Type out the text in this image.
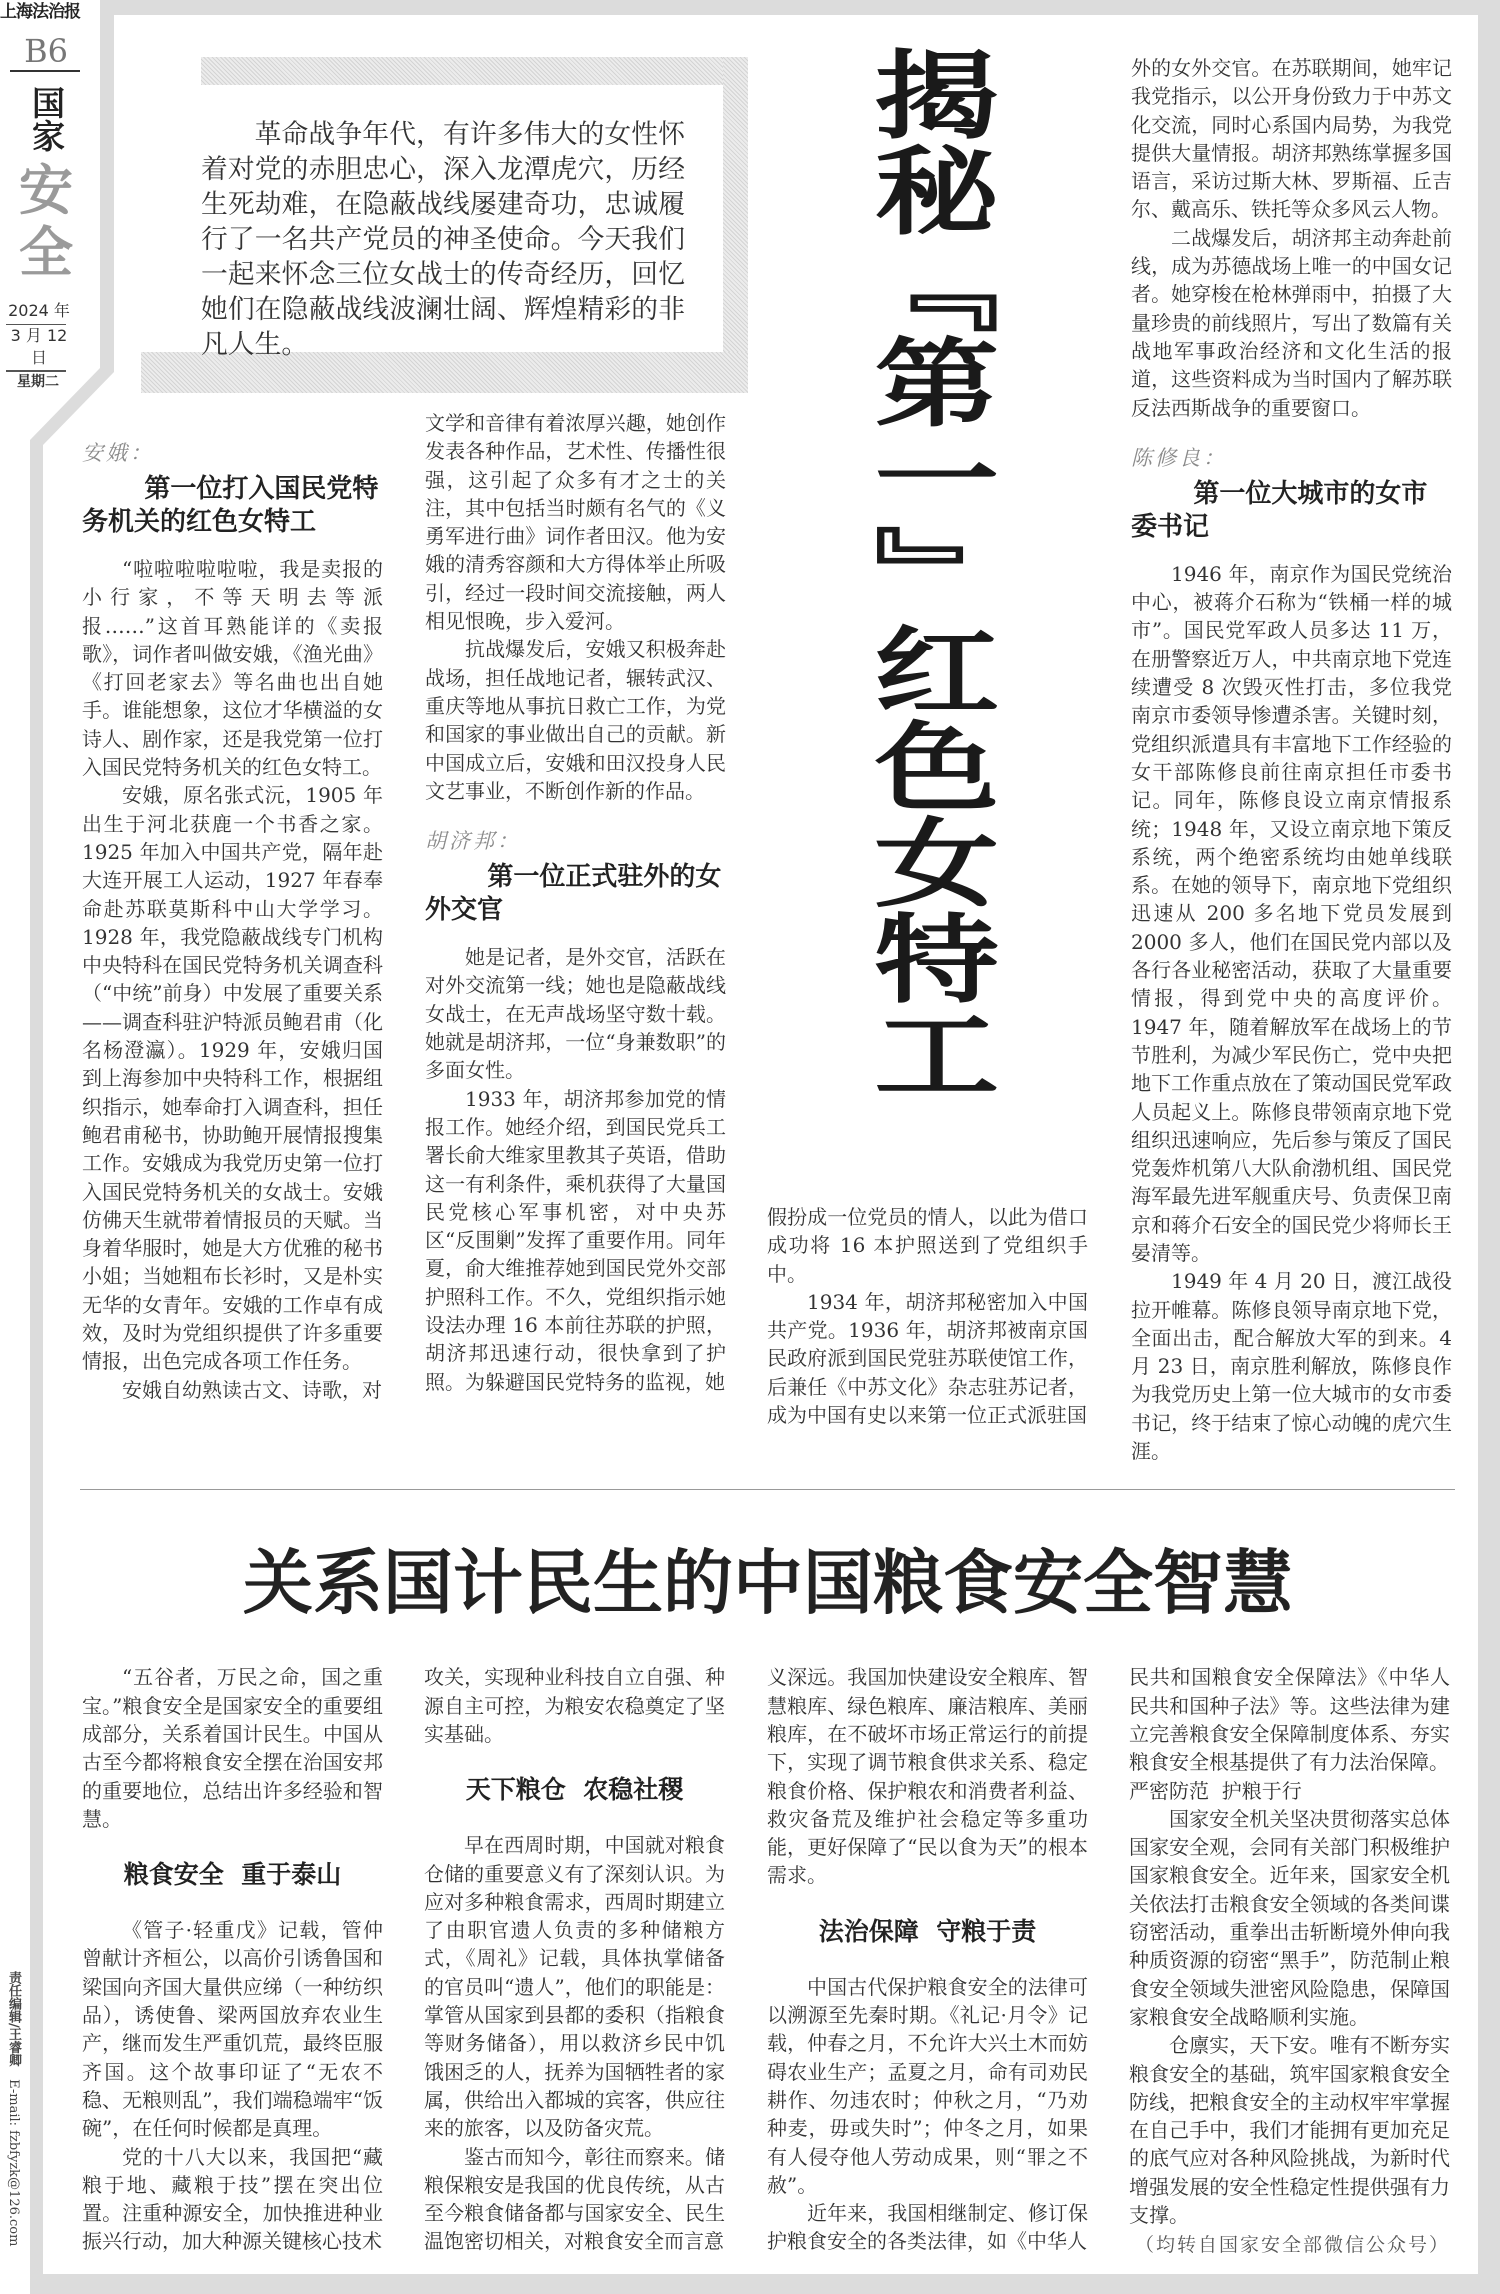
上海法治报
B6
国家
安
全
2024 年
3 月 12 日
星期二
责任编辑/王睿卿   E-mail: fzbfyzk@126.com
革命战争年代，有许多伟大的女性怀着对党的赤胆忠心，深入龙潭虎穴，历经生死劫难，在隐蔽战线屡建奇功，忠诚履行了一名共产党员的神圣使命。今天我们一起来怀念三位女战士的传奇经历，回忆她们在隐蔽战线波澜壮阔、辉煌精彩的非凡人生。	揭秘『第一』红色女特工
安娥：
第一位打入国民党特务机关的红色女特工

“啦啦啦啦啦啦，我是卖报的小行家，不等天明去等派报……”这首耳熟能详的《卖报歌》，词作者叫做安娥，《渔光曲》《打回老家去》等名曲也出自她手。谁能想象，这位才华横溢的女诗人、剧作家，还是我党第一位打入国民党特务机关的红色女特工。

安娥，原名张式沅，1905 年出生于河北获鹿一个书香之家。1925 年加入中国共产党，隔年赴大连开展工人运动，1927 年春奉命赴苏联莫斯科中山大学学习。1928 年，我党隐蔽战线专门机构中央特科在国民党特务机关调查科（“中统”前身）中发展了重要关系——调查科驻沪特派员鲍君甫（化名杨澄瀛）。1929 年，安娥归国到上海参加中央特科工作，根据组织指示，她奉命打入调查科，担任鲍君甫秘书，协助鲍开展情报搜集工作。安娥成为我党历史第一位打入国民党特务机关的女战士。安娥仿佛天生就带着情报员的天赋。当身着华服时，她是大方优雅的秘书小姐；当她粗布长衫时，又是朴实无华的女青年。安娥的工作卓有成效，及时为党组织提供了许多重要情报，出色完成各项工作任务。

安娥自幼熟读古文、诗歌，对

文学和音律有着浓厚兴趣，她创作发表各种作品，艺术性、传播性很强，这引起了众多有才之士的关注，其中包括当时颇有名气的《义勇军进行曲》词作者田汉。他为安娥的清秀容颜和大方得体举止所吸引，经过一段时间交流接触，两人相见恨晚，步入爱河。

抗战爆发后，安娥又积极奔赴战场，担任战地记者，辗转武汉、重庆等地从事抗日救亡工作，为党和国家的事业做出自己的贡献。新中国成立后，安娥和田汉投身人民文艺事业，不断创作新的作品。

胡济邦：
第一位正式驻外的女外交官

她是记者，是外交官，活跃在对外交流第一线；她也是隐蔽战线女战士，在无声战场坚守数十载。她就是胡济邦，一位“身兼数职”的多面女性。

1933 年，胡济邦参加党的情报工作。她经介绍，到国民党兵工署长俞大维家里教其子英语，借助这一有利条件，乘机获得了大量国民党核心军事机密，对中央苏区“反围剿”发挥了重要作用。同年夏，俞大维推荐她到国民党外交部护照科工作。不久，党组织指示她设法办理 16 本前往苏联的护照，胡济邦迅速行动，很快拿到了护照。为躲避国民党特务的监视，她

假扮成一位党员的情人，以此为借口成功将 16 本护照送到了党组织手中。

1934 年，胡济邦秘密加入中国共产党。1936 年，胡济邦被南京国民政府派到国民党驻苏联使馆工作，后兼任《中苏文化》杂志驻苏记者，成为中国有史以来第一位正式派驻国

外的女外交官。在苏联期间，她牢记我党指示，以公开身份致力于中苏文化交流，同时心系国内局势，为我党提供大量情报。胡济邦熟练掌握多国语言，采访过斯大林、罗斯福、丘吉尔、戴高乐、铁托等众多风云人物。

二战爆发后，胡济邦主动奔赴前线，成为苏德战场上唯一的中国女记者。她穿梭在枪林弹雨中，拍摄了大量珍贵的前线照片，写出了数篇有关战地军事政治经济和文化生活的报道，这些资料成为当时国内了解苏联反法西斯战争的重要窗口。

陈修良：
第一位大城市的女市委书记

1946 年，南京作为国民党统治中心，被蒋介石称为“铁桶一样的城市”。国民党军政人员多达 11 万，在册警察近万人，中共南京地下党连续遭受 8 次毁灭性打击，多位我党南京市委领导惨遭杀害。关键时刻，党组织派遣具有丰富地下工作经验的女干部陈修良前往南京担任市委书记。同年，陈修良设立南京情报系统；1948 年，又设立南京地下策反系统，两个绝密系统均由她单线联系。在她的领导下，南京地下党组织迅速从 200 多名地下党员发展到 2000 多人，他们在国民党内部以及各行各业秘密活动，获取了大量重要情报，得到党中央的高度评价。1947 年，随着解放军在战场上的节节胜利，为减少军民伤亡，党中央把地下工作重点放在了策动国民党军政人员起义上。陈修良带领南京地下党组织迅速响应，先后参与策反了国民党轰炸机第八大队俞渤机组、国民党海军最先进军舰重庆号、负责保卫南京和蒋介石安全的国民党少将师长王晏清等。

1949 年 4 月 20 日，渡江战役拉开帷幕。陈修良领导南京地下党，全面出击，配合解放大军的到来。4 月 23 日，南京胜利解放，陈修良作为我党历史上第一位大城市的女市委书记，终于结束了惊心动魄的虎穴生涯。

关系国计民生的中国粮食安全智慧

“五谷者，万民之命，国之重宝。”粮食安全是国家安全的重要组成部分，关系着国计民生。中国从古至今都将粮食安全摆在治国安邦的重要地位，总结出许多经验和智慧。

粮食安全  重于泰山

《管子·轻重戊》记载，管仲曾献计齐桓公，以高价引诱鲁国和梁国向齐国大量供应绨（一种纺织品），诱使鲁、梁两国放弃农业生产，继而发生严重饥荒，最终臣服齐国。这个故事印证了“无农不稳、无粮则乱”，我们端稳端牢“饭碗”，在任何时候都是真理。

党的十八大以来，我国把“藏粮于地、藏粮于技”摆在突出位置。注重种源安全，加快推进种业振兴行动，加大种源关键核心技术

攻关，实现种业科技自立自强、种源自主可控，为粮安农稳奠定了坚实基础。

天下粮仓  农稳社稷

早在西周时期，中国就对粮食仓储的重要意义有了深刻认识。为应对多种粮食需求，西周时期建立了由职官遗人负责的多种储粮方式，《周礼》记载，具体执掌储备的官员叫“遗人”，他们的职能是：掌管从国家到县都的委积（指粮食等财务储备），用以救济乡民中饥饿困乏的人，抚养为国牺牲者的家属，供给出入都城的宾客，供应往来的旅客，以及防备灾荒。

鉴古而知今，彰往而察来。储粮保粮安是我国的优良传统，从古至今粮食储备都与国家安全、民生温饱密切相关，对粮食安全而言意

义深远。我国加快建设安全粮库、智慧粮库、绿色粮库、廉洁粮库、美丽粮库，在不破坏市场正常运行的前提下，实现了调节粮食供求关系、稳定粮食价格、保护粮农和消费者利益、救灾备荒及维护社会稳定等多重功能，更好保障了“民以食为天”的根本需求。

法治保障  守粮于责

中国古代保护粮食安全的法律可以溯源至先秦时期。《礼记·月令》记载，仲春之月，不允许大兴土木而妨碍农业生产；孟夏之月，命有司劝民耕作、勿违农时；仲秋之月，“乃劝种麦，毋或失时”；仲冬之月，如果有人侵夺他人劳动成果，则“罪之不赦”。

近年来，我国相继制定、修订保护粮食安全的各类法律，如《中华人

民共和国粮食安全保障法》《中华人民共和国种子法》等。这些法律为建立完善粮食安全保障制度体系、夯实粮食安全根基提供了有力法治保障。

严密防范  护粮于行

国家安全机关坚决贯彻落实总体国家安全观，会同有关部门积极维护国家粮食安全。近年来，国家安全机关依法打击粮食安全领域的各类间谍窃密活动，重拳出击斩断境外伸向我种质资源的窃密“黑手”，防范制止粮食安全领域失泄密风险隐患，保障国家粮食安全战略顺利实施。

仓廪实，天下安。唯有不断夯实粮食安全的基础，筑牢国家粮食安全防线，把粮食安全的主动权牢牢掌握在自己手中，我们才能拥有更加充足的底气应对各种风险挑战，为新时代增强发展的安全性稳定性提供强有力支撑。

（均转自国家安全部微信公众号）
